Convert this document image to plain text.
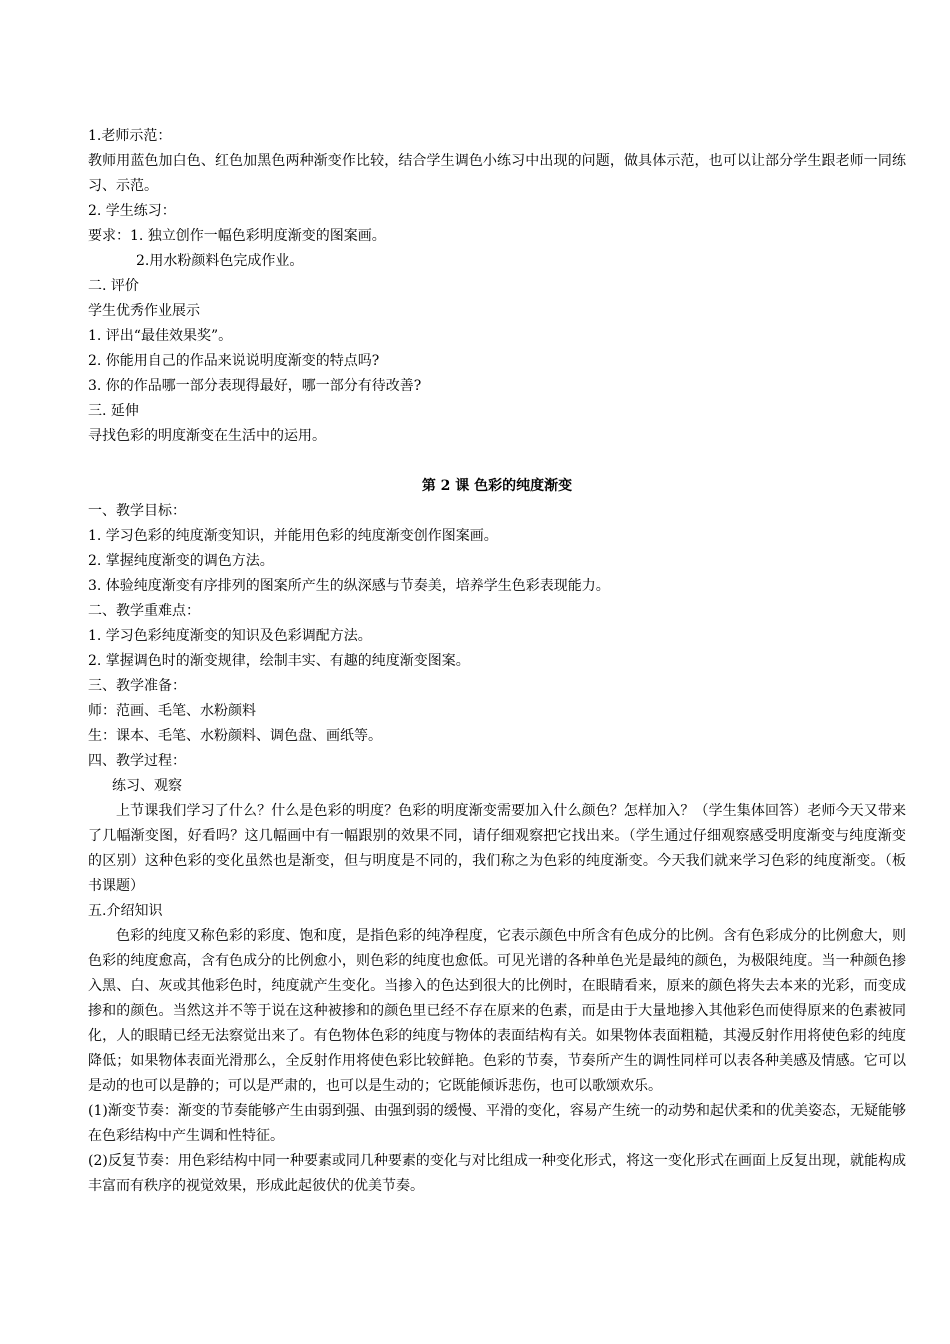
1.老师示范：

教师用蓝色加白色、红色加黑色两种渐变作比较，结合学生调色小练习中出现的问题，做具体示范，也可以让部分学生跟老师一同练习、示范。

2. 学生练习：

要求：1. 独立创作一幅色彩明度渐变的图案画。

2.用水粉颜料色完成作业。

二. 评价

学生优秀作业展示

1. 评出“最佳效果奖”。

2. 你能用自己的作品来说说明度渐变的特点吗?

3. 你的作品哪一部分表现得最好，哪一部分有待改善?

三. 延伸

寻找色彩的明度渐变在生活中的运用。

第 2 课 色彩的纯度渐变

一、教学目标：

1. 学习色彩的纯度渐变知识，并能用色彩的纯度渐变创作图案画。

2. 掌握纯度渐变的调色方法。

3. 体验纯度渐变有序排列的图案所产生的纵深感与节奏美，培养学生色彩表现能力。

二、教学重难点：

1. 学习色彩纯度渐变的知识及色彩调配方法。

2. 掌握调色时的渐变规律，绘制丰实、有趣的纯度渐变图案。

三、教学准备：

师：范画、毛笔、水粉颜料

生：课本、毛笔、水粉颜料、调色盘、画纸等。

四、教学过程：

练习、观察

上节课我们学习了什么？什么是色彩的明度？色彩的明度渐变需要加入什么颜色？怎样加入？（学生集体回答）老师今天又带来了几幅渐变图，好看吗？这几幅画中有一幅跟别的效果不同，请仔细观察把它找出来。（学生通过仔细观察感受明度渐变与纯度渐变的区别）这种色彩的变化虽然也是渐变，但与明度是不同的，我们称之为色彩的纯度渐变。今天我们就来学习色彩的纯度渐变。（板书课题）

五.介绍知识

色彩的纯度又称色彩的彩度、饱和度，是指色彩的纯净程度，它表示颜色中所含有色成分的比例。含有色彩成分的比例愈大，则色彩的纯度愈高，含有色成分的比例愈小，则色彩的纯度也愈低。可见光谱的各种单色光是最纯的颜色，为极限纯度。当一种颜色掺入黑、白、灰或其他彩色时，纯度就产生变化。当掺入的色达到很大的比例时，在眼睛看来，原来的颜色将失去本来的光彩，而变成掺和的颜色。当然这并不等于说在这种被掺和的颜色里已经不存在原来的色素，而是由于大量地掺入其他彩色而使得原来的色素被同化，人的眼睛已经无法察觉出来了。有色物体色彩的纯度与物体的表面结构有关。如果物体表面粗糙，其漫反射作用将使色彩的纯度降低；如果物体表面光滑那么，全反射作用将使色彩比较鲜艳。色彩的节奏，节奏所产生的调性同样可以表各种美感及情感。它可以是动的也可以是静的；可以是严肃的，也可以是生动的；它既能倾诉悲伤，也可以歌颂欢乐。

(1)渐变节奏：渐变的节奏能够产生由弱到强、由强到弱的缓慢、平滑的变化，容易产生统一的动势和起伏柔和的优美姿态，无疑能够在色彩结构中产生调和性特征。

(2)反复节奏：用色彩结构中同一种要素或同几种要素的变化与对比组成一种变化形式，将这一变化形式在画面上反复出现，就能构成丰富而有秩序的视觉效果，形成此起彼伏的优美节奏。
